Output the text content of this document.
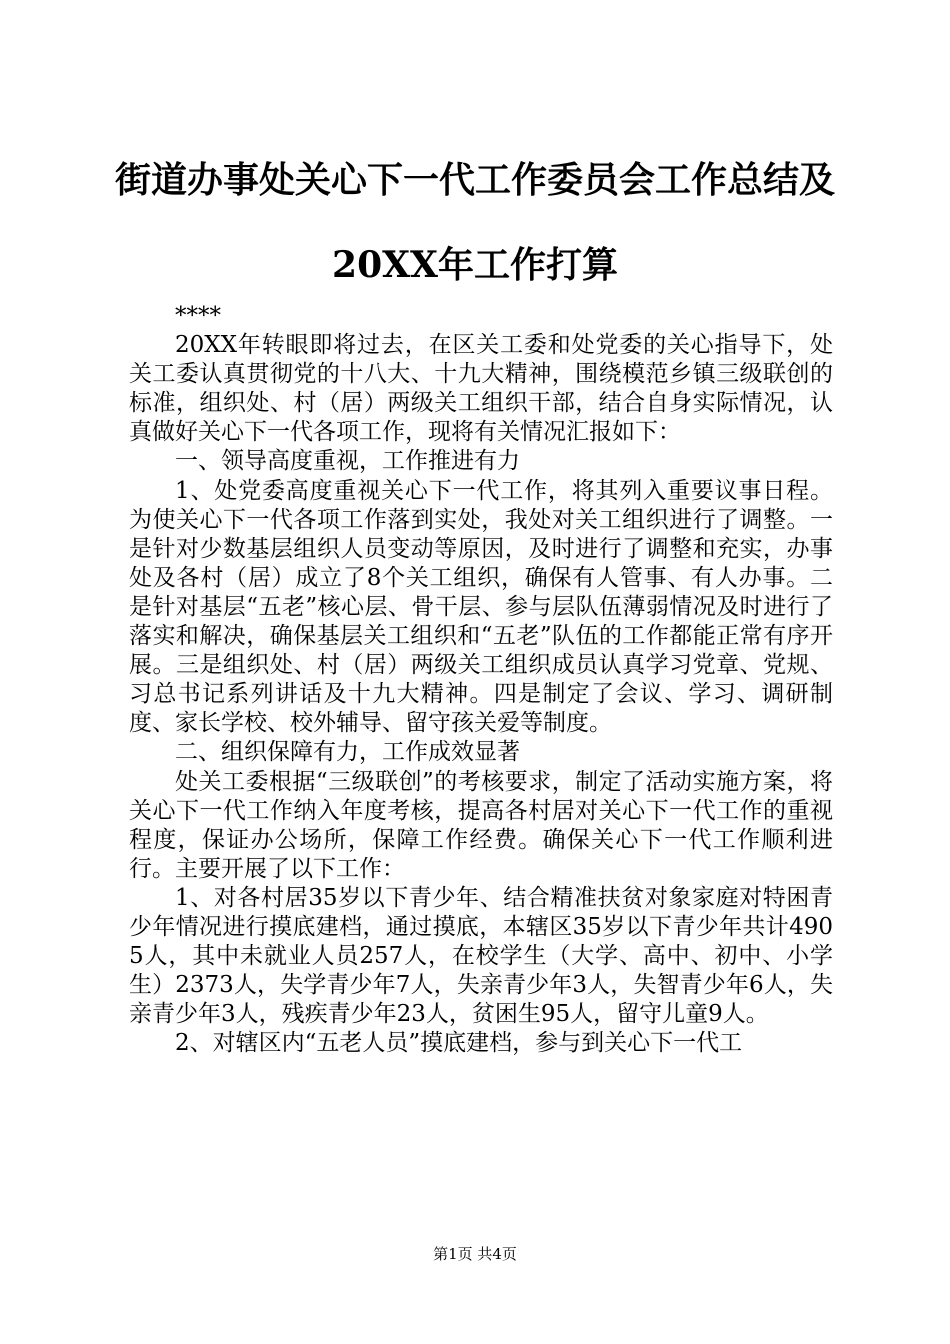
街道办事处关心下一代工作委员会工作总结及
20XX年工作打算

****

20XX年转眼即将过去，在区关工委和处党委的关心指导下，处关工委认真贯彻党的十八大、十九大精神，围绕模范乡镇三级联创的标准，组织处、村（居）两级关工组织干部，结合自身实际情况，认真做好关心下一代各项工作，现将有关情况汇报如下：

一、领导高度重视，工作推进有力

1、处党委高度重视关心下一代工作，将其列入重要议事日程。为使关心下一代各项工作落到实处，我处对关工组织进行了调整。一是针对少数基层组织人员变动等原因，及时进行了调整和充实，办事处及各村（居）成立了8个关工组织，确保有人管事、有人办事。二是针对基层“五老”核心层、骨干层、参与层队伍薄弱情况及时进行了落实和解决，确保基层关工组织和“五老”队伍的工作都能正常有序开展。三是组织处、村（居）两级关工组织成员认真学习党章、党规、习总书记系列讲话及十九大精神。四是制定了会议、学习、调研制度、家长学校、校外辅导、留守孩关爱等制度。

二、组织保障有力，工作成效显著

处关工委根据“三级联创”的考核要求，制定了活动实施方案，将关心下一代工作纳入年度考核，提高各村居对关心下一代工作的重视程度，保证办公场所，保障工作经费。确保关心下一代工作顺利进行。主要开展了以下工作：

1、对各村居35岁以下青少年、结合精准扶贫对象家庭对特困青少年情况进行摸底建档，通过摸底，本辖区35岁以下青少年共计4905人，其中未就业人员257人，在校学生（大学、高中、初中、小学生）2373人，失学青少年7人，失亲青少年3人，失智青少年6人，失亲青少年3人，残疾青少年23人，贫困生95人，留守儿童9人。

2、对辖区内“五老人员”摸底建档，参与到关心下一代工

第1页 共4页
